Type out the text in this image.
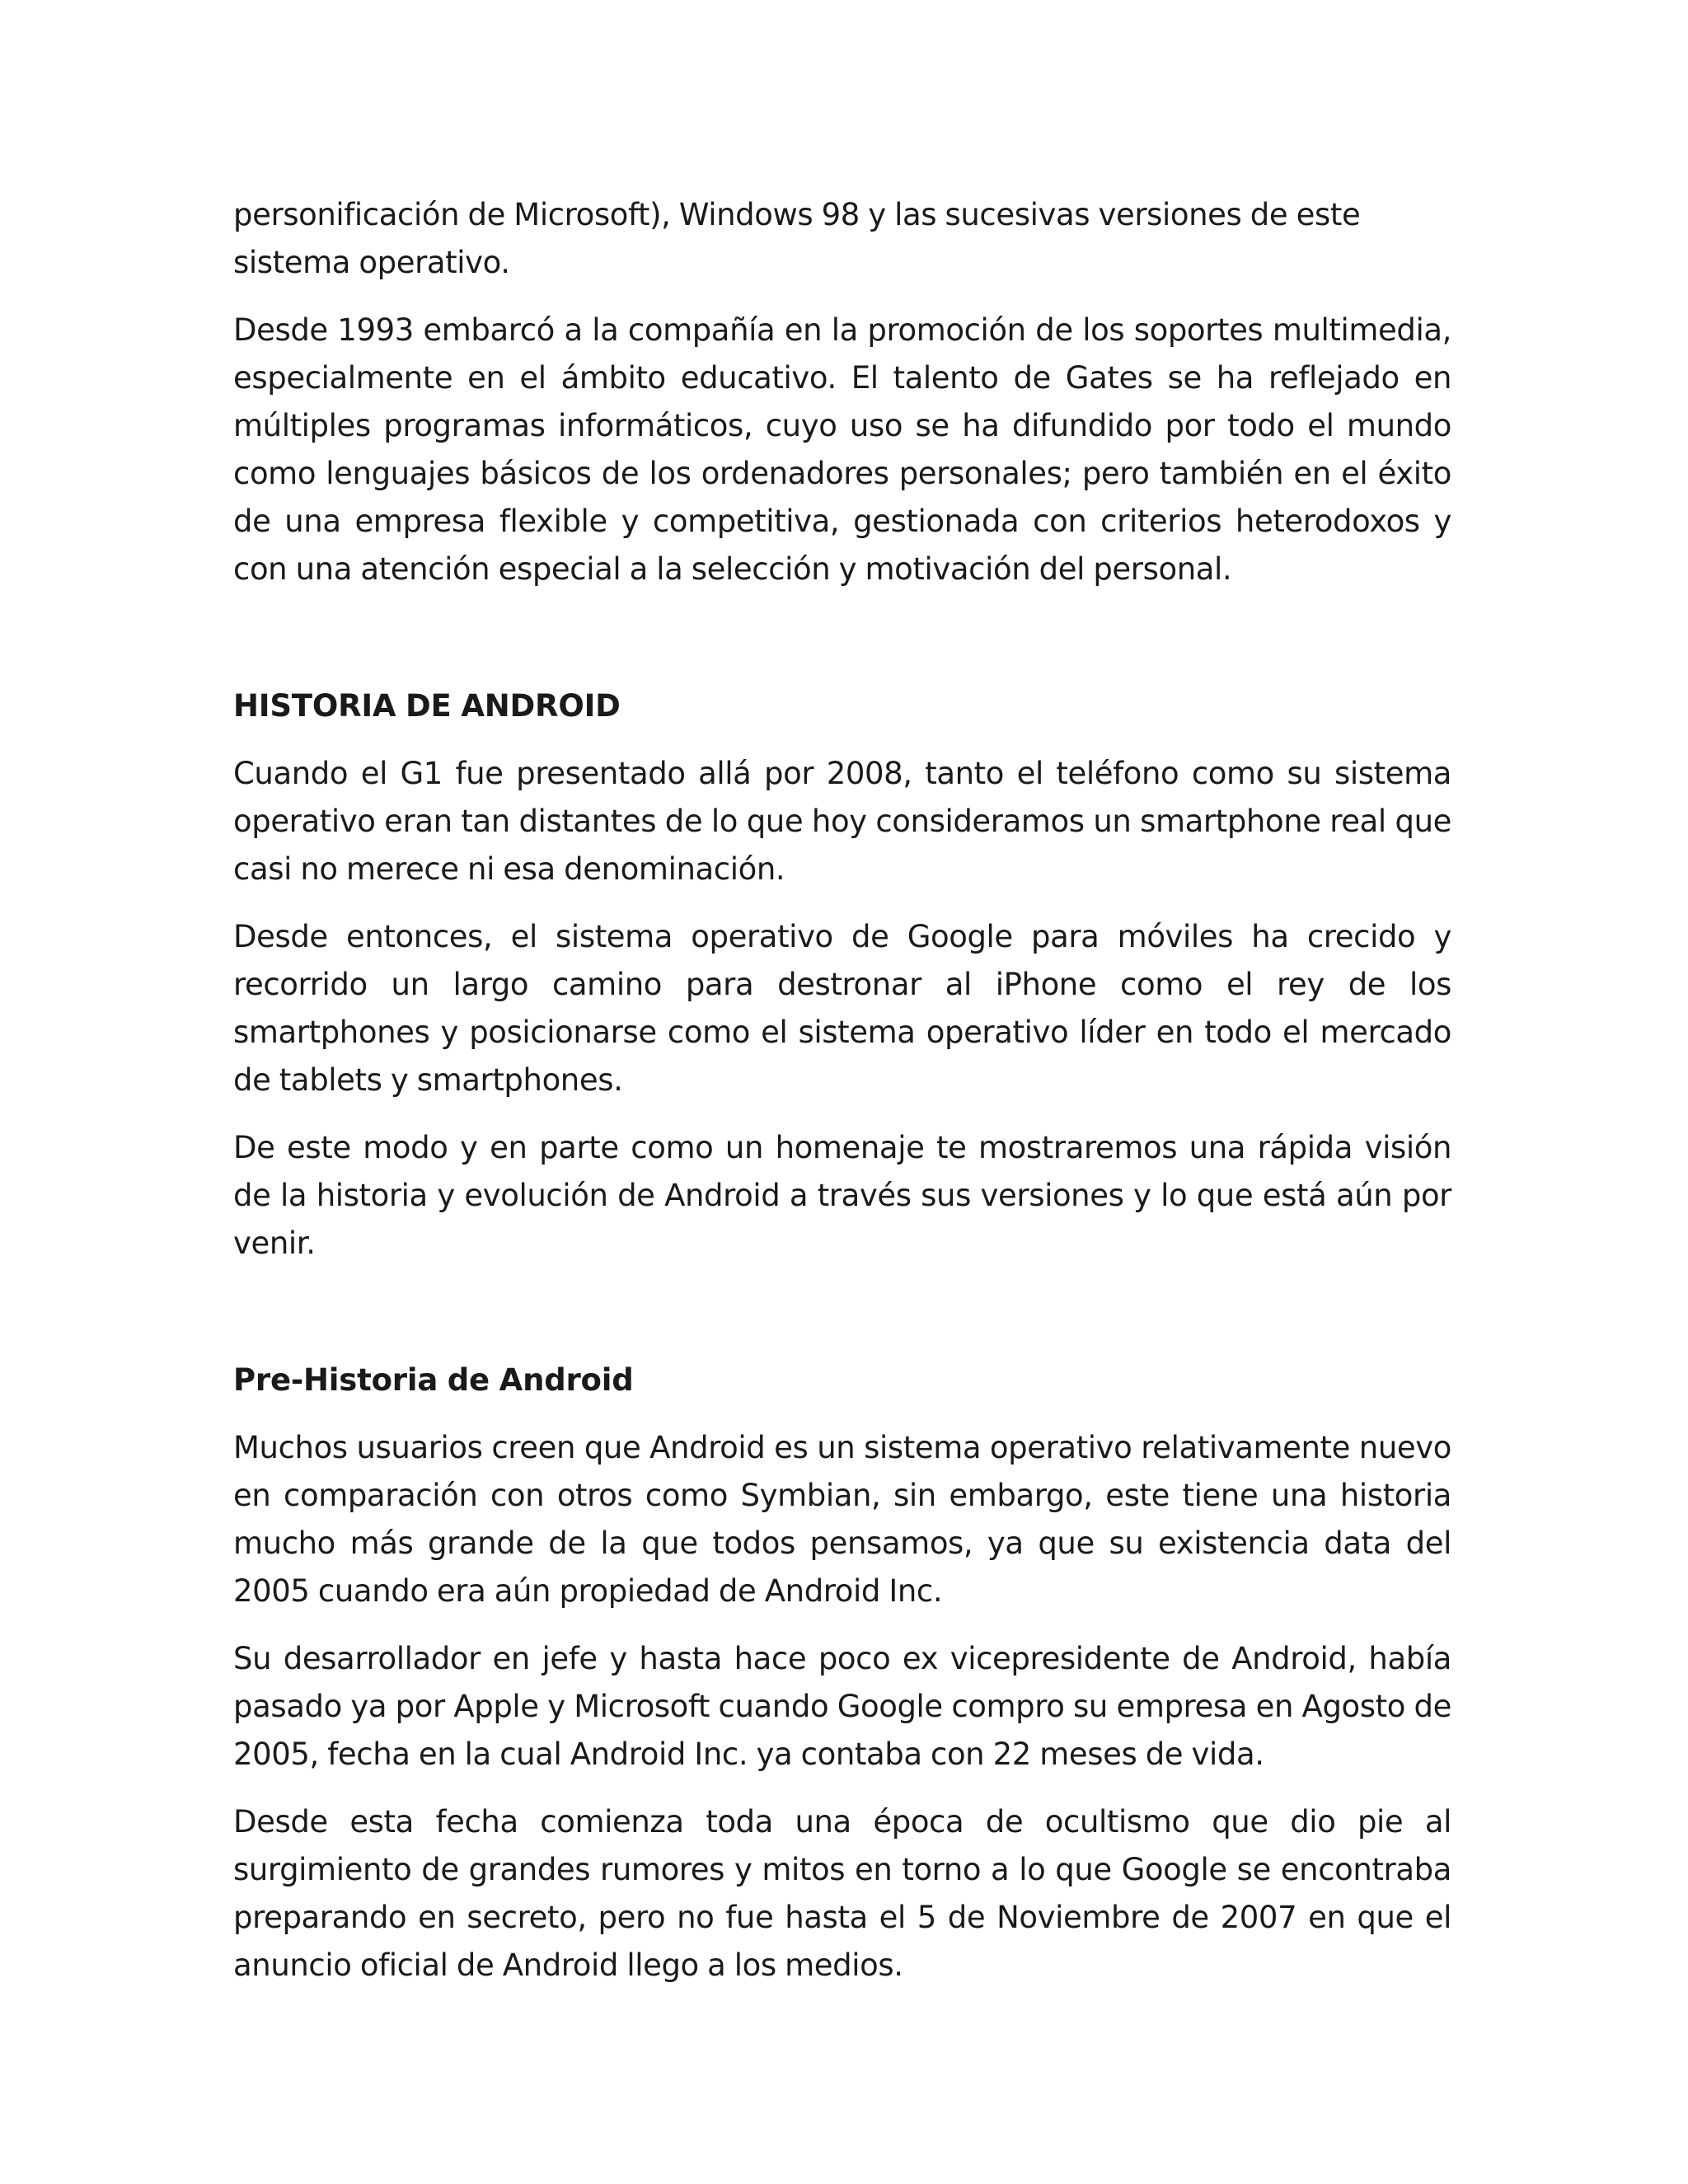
personificación de Microsoft), Windows 98 y las sucesivas versiones de este sistema operativo.

Desde 1993 embarcó a la compañía en la promoción de los soportes multimedia, especialmente en el ámbito educativo. El talento de Gates se ha reflejado en múltiples programas informáticos, cuyo uso se ha difundido por todo el mundo como lenguajes básicos de los ordenadores personales; pero también en el éxito de una empresa flexible y competitiva, gestionada con criterios heterodoxos y con una atención especial a la selección y motivación del personal.

HISTORIA DE ANDROID

Cuando el G1 fue presentado allá por 2008, tanto el teléfono como su sistema operativo eran tan distantes de lo que hoy consideramos un smartphone real que casi no merece ni esa denominación.

Desde entonces, el sistema operativo de Google para móviles ha crecido y recorrido un largo camino para destronar al iPhone como el rey de los smartphones y posicionarse como el sistema operativo líder en todo el mercado de tablets y smartphones.

De este modo y en parte como un homenaje te mostraremos una rápida visión de la historia y evolución de Android a través sus versiones y lo que está aún por venir.

Pre-Historia de Android

Muchos usuarios creen que Android es un sistema operativo relativamente nuevo en comparación con otros como Symbian, sin embargo, este tiene una historia mucho más grande de la que todos pensamos, ya que su existencia data del 2005 cuando era aún propiedad de Android Inc.

Su desarrollador en jefe y hasta hace poco ex vicepresidente de Android, había pasado ya por Apple y Microsoft cuando Google compro su empresa en Agosto de 2005, fecha en la cual Android Inc. ya contaba con 22 meses de vida.

Desde esta fecha comienza toda una época de ocultismo que dio pie al surgimiento de grandes rumores y mitos en torno a lo que Google se encontraba preparando en secreto, pero no fue hasta el 5 de Noviembre de 2007 en que el anuncio oficial de Android llego a los medios.
